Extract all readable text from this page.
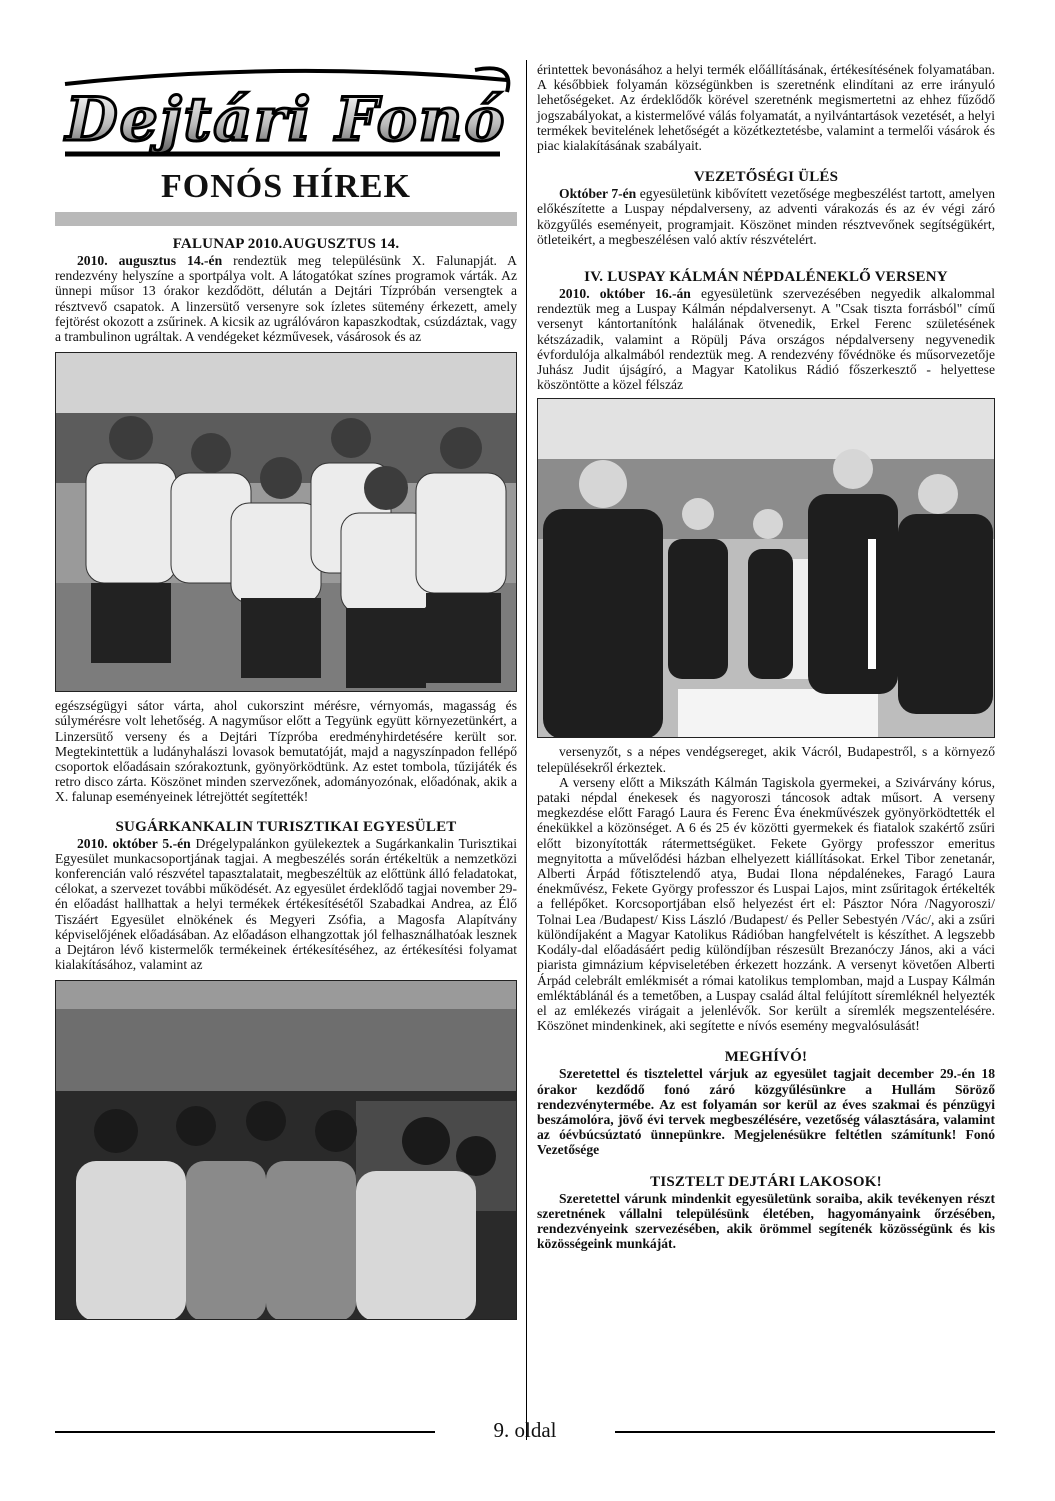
Dejtári Fonó
FONÓS HÍREK
FALUNAP 2010.AUGUSZTUS 14.

2010. augusztus 14.-én rendeztük meg településünk X. Falunapját. A rendezvény helyszíne a sportpálya volt. A látogatókat színes programok várták. Az ünnepi műsor 13 órakor kezdődött, délután a Dejtári Tízpróbán versengtek a résztvevő csapatok. A linzersütő versenyre sok ízletes sütemény érkezett, amely fejtörést okozott a zsűrinek. A kicsik az ugrálóváron kapaszkodtak, csúzdáztak, vagy a trambulinon ugráltak. A vendégeket kézművesek, vásárosok és az

egészségügyi sátor várta, ahol cukorszint mérésre, vérnyomás, magasság és súlymérésre volt lehetőség. A nagyműsor előtt a Tegyünk együtt környezetünkért, a Linzersütő verseny és a Dejtári Tízpróba eredményhirdetésére került sor. Megtekintettük a ludányhalászi lovasok bemutatóját, majd a nagyszínpadon fellépő csoportok előadásain szórakoztunk, gyönyörködtünk. Az estet tombola, tűzijáték és retro disco zárta. Köszönet minden szervezőnek, adományozónak, előadónak, akik a X. falunap eseményeinek létrejöttét segítették!

SUGÁRKANKALIN TURISZTIKAI EGYESÜLET

2010. október 5.-én Drégelypalánkon gyülekeztek a Sugárkankalin Turisztikai Egyesület munkacsoportjának tagjai. A megbeszélés során értékeltük a nemzetközi konferencián való részvétel tapasztalatait, megbeszéltük az előttünk álló feladatokat, célokat, a szervezet további működését. Az egyesület érdeklődő tagjai november 29-én előadást hallhattak a helyi termékek értékesítésétől Szabadkai Andrea, az Élő Tiszáért Egyesület elnökének és Megyeri Zsófia, a Magosfa Alapítvány képviselőjének előadásában. Az előadáson elhangzottak jól felhasználhatóak lesznek a Dejtáron lévő kistermelők termékeinek értékesítéséhez, az értékesítési folyamat kialakításához, valamint az

érintettek bevonásához a helyi termék előállításának, értékesítésének folyamatában. A későbbiek folyamán községünkben is szeretnénk elindítani az erre irányuló lehetőségeket. Az érdeklődők körével szeretnénk megismertetni az ehhez fűződő jogszabályokat, a kistermelővé válás folyamatát, a nyilvántartások vezetését, a helyi termékek bevitelének lehetőségét a közétkeztetésbe, valamint a termelői vásárok és piac kialakításának szabályait.

VEZETŐSÉGI ÜLÉS

Október 7-én egyesületünk kibővített vezetősége megbeszélést tartott, amelyen előkészítette a Luspay népdalverseny, az adventi várakozás és az év végi záró közgyűlés eseményeit, programjait. Köszönet minden résztvevőnek segítségükért, ötleteikért, a megbeszélésen való aktív részvételért.

IV. LUSPAY KÁLMÁN NÉPDALÉNEKLŐ VERSENY

2010. október 16.-án egyesületünk szervezésében negyedik alkalommal rendeztük meg a Luspay Kálmán népdalversenyt. A "Csak tiszta forrásból" című versenyt kántortanítónk halálának ötvenedik, Erkel Ferenc születésének kétszázadik, valamint a Röpülj Páva országos népdalverseny negyvenedik évfordulója alkalmából rendeztük meg. A rendezvény fővédnöke és műsorvezetője Juhász Judit újságíró, a Magyar Katolikus Rádió főszerkesztő - helyettese köszöntötte a közel félszáz

versenyzőt, s a népes vendégsereget, akik Vácról, Budapestről, s a környező településekről érkeztek.

A verseny előtt a Mikszáth Kálmán Tagiskola gyermekei, a Szivárvány kórus, pataki népdal énekesek és nagyoroszi táncosok adtak műsort. A verseny megkezdése előtt Faragó Laura és Ferenc Éva énekművészek gyönyörködtették el énekükkel a közönséget. A 6 és 25 év közötti gyermekek és fiatalok szakértő zsűri előtt bizonyították rátermettségüket. Fekete György professzor emeritus megnyitotta a művelődési házban elhelyezett kiállításokat. Erkel Tibor zenetanár, Alberti Árpád főtisztelendő atya, Budai Ilona népdalénekes, Faragó Laura énekművész, Fekete György professzor és Luspai Lajos, mint zsűritagok értékelték a fellépőket. Korcsoportjában első helyezést ért el: Pásztor Nóra /Nagyoroszi/ Tolnai Lea /Budapest/ Kiss László /Budapest/ és Peller Sebestyén /Vác/, aki a zsűri különdíjaként a Magyar Katolikus Rádióban hangfelvételt is készíthet. A legszebb Kodály-dal előadásáért pedig különdíjban részesült Brezanóczy János, aki a váci piarista gimnázium képviseletében érkezett hozzánk. A versenyt követően Alberti Árpád celebrált emlékmisét a római katolikus templomban, majd a Luspay Kálmán emléktáblánál és a temetőben, a Luspay család által felújított síremléknél helyezték el az emlékezés virágait a jelenlévők. Sor került a síremlék megszentelésére. Köszönet mindenkinek, aki segítette e nívós esemény megvalósulását!

MEGHÍVÓ!

Szeretettel és tisztelettel várjuk az egyesület tagjait december 29.-én 18 órakor kezdődő fonó záró közgyűlésünkre a Hullám Söröző rendezvénytermébe. Az est folyamán sor kerül az éves szakmai és pénzügyi beszámolóra, jövő évi tervek megbeszélésére, vezetőség választására, valamint az óévbúcsúztató ünnepünkre. Megjelenésükre feltétlen számítunk! Fonó Vezetősége

TISZTELT DEJTÁRI LAKOSOK!

Szeretettel várunk mindenkit egyesületünk soraiba, akik tevékenyen részt szeretnének vállalni településünk életében, hagyományaink őrzésében, rendezvényeink szervezésében, akik örömmel segítenék közösségünk és kis közösségeink munkáját.

9. oldal
